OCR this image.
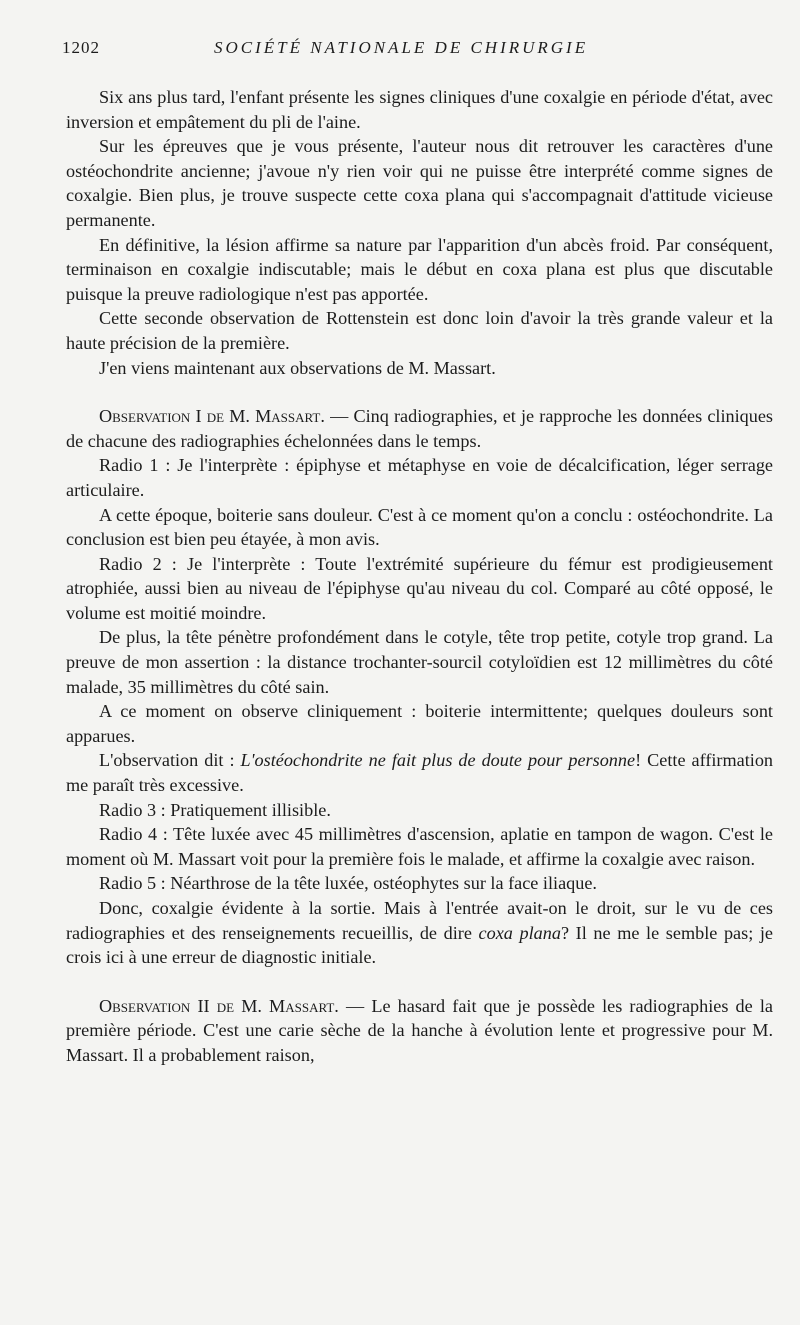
1202	SOCIÉTÉ NATIONALE DE CHIRURGIE

Six ans plus tard, l'enfant présente les signes cliniques d'une coxalgie en période d'état, avec inversion et empâtement du pli de l'aine.

Sur les épreuves que je vous présente, l'auteur nous dit retrouver les caractères d'une ostéochondrite ancienne; j'avoue n'y rien voir qui ne puisse être interprété comme signes de coxalgie. Bien plus, je trouve suspecte cette coxa plana qui s'accompagnait d'attitude vicieuse permanente.

En définitive, la lésion affirme sa nature par l'apparition d'un abcès froid. Par conséquent, terminaison en coxalgie indiscutable; mais le début en coxa plana est plus que discutable puisque la preuve radiologique n'est pas apportée.

Cette seconde observation de Rottenstein est donc loin d'avoir la très grande valeur et la haute précision de la première.

J'en viens maintenant aux observations de M. Massart.

Observation I de M. Massart. — Cinq radiographies, et je rapproche les données cliniques de chacune des radiographies échelonnées dans le temps.

Radio 1 : Je l'interprète : épiphyse et métaphyse en voie de décalcification, léger serrage articulaire.

A cette époque, boiterie sans douleur. C'est à ce moment qu'on a conclu : ostéochondrite. La conclusion est bien peu étayée, à mon avis.

Radio 2 : Je l'interprète : Toute l'extrémité supérieure du fémur est prodigieusement atrophiée, aussi bien au niveau de l'épiphyse qu'au niveau du col. Comparé au côté opposé, le volume est moitié moindre.

De plus, la tête pénètre profondément dans le cotyle, tête trop petite, cotyle trop grand. La preuve de mon assertion : la distance trochanter-sourcil cotyloïdien est 12 millimètres du côté malade, 35 millimètres du côté sain.

A ce moment on observe cliniquement : boiterie intermittente; quelques douleurs sont apparues.

L'observation dit : L'ostéochondrite ne fait plus de doute pour personne! Cette affirmation me paraît très excessive.

Radio 3 : Pratiquement illisible.

Radio 4 : Tête luxée avec 45 millimètres d'ascension, aplatie en tampon de wagon. C'est le moment où M. Massart voit pour la première fois le malade, et affirme la coxalgie avec raison.

Radio 5 : Néarthrose de la tête luxée, ostéophytes sur la face iliaque.

Donc, coxalgie évidente à la sortie. Mais à l'entrée avait-on le droit, sur le vu de ces radiographies et des renseignements recueillis, de dire coxa plana? Il ne me le semble pas; je crois ici à une erreur de diagnostic initiale.

Observation II de M. Massart. — Le hasard fait que je possède les radiographies de la première période. C'est une carie sèche de la hanche à évolution lente et progressive pour M. Massart. Il a probablement raison,
